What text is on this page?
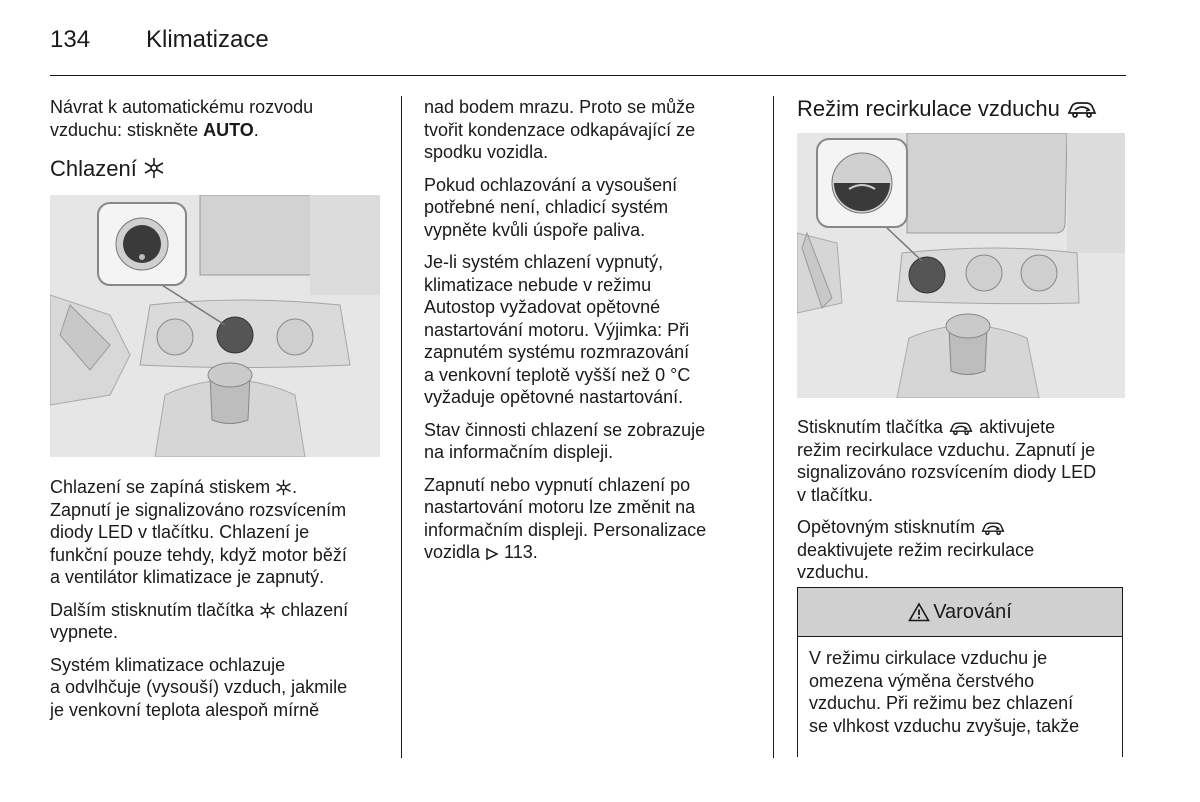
134 Klimatizace

Návrat k automatickému rozvodu
vzduchu: stiskněte AUTO.

Chlazení

Chlazení se zapíná stiskem .
Zapnutí je signalizováno rozsvícením
diody LED v tlačítku. Chlazení je
funkční pouze tehdy, když motor běží
a ventilátor klimatizace je zapnutý.

Dalším stisknutím tlačítka  chlazení
vypnete.

Systém klimatizace ochlazuje
a odvlhčuje (vysouší) vzduch, jakmile
je venkovní teplota alespoň mírně

nad bodem mrazu. Proto se může
tvořit kondenzace odkapávající ze
spodku vozidla.

Pokud ochlazování a vysoušení
potřebné není, chladicí systém
vypněte kvůli úspoře paliva.

Je-li systém chlazení vypnutý,
klimatizace nebude v režimu
Autostop vyžadovat opětovné
nastartování motoru. Výjimka: Při
zapnutém systému rozmrazování
a venkovní teplotě vyšší než 0 °C
vyžaduje opětovné nastartování.

Stav činnosti chlazení se zobrazuje
na informačním displeji.

Zapnutí nebo vypnutí chlazení po
nastartování motoru lze změnit na
informačním displeji. Personalizace
vozidla  113.

Režim recirkulace vzduchu

Stisknutím tlačítka  aktivujete
režim recirkulace vzduchu. Zapnutí je
signalizováno rozsvícením diody LED
v tlačítku.

Opětovným stisknutím
deaktivujete režim recirkulace
vzduchu.

Varování
V režimu cirkulace vzduchu je
omezena výměna čerstvého
vzduchu. Při režimu bez chlazení
se vlhkost vzduchu zvyšuje, takže
